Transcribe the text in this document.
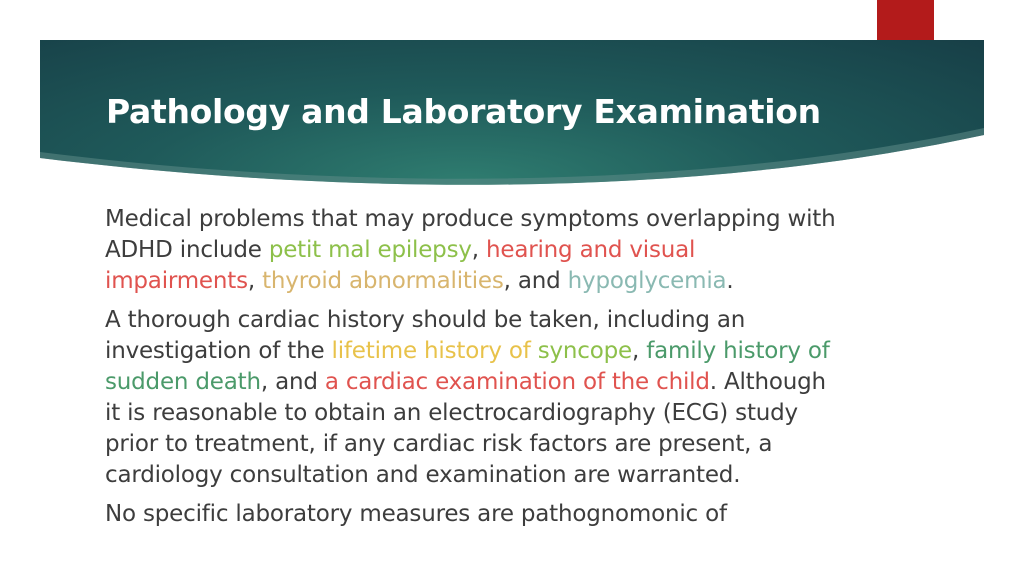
Pathology and Laboratory Examination

Medical problems that may produce symptoms overlapping with ADHD include petit mal epilepsy, hearing and visual impairments, thyroid abnormalities, and hypoglycemia.

A thorough cardiac history should be taken, including an investigation of the lifetime history of syncope, family history of sudden death, and a cardiac examination of the child. Although it is reasonable to obtain an electrocardiography (ECG) study prior to treatment, if any cardiac risk factors are present, a cardiology consultation and examination are warranted.

No specific laboratory measures are pathognomonic of
